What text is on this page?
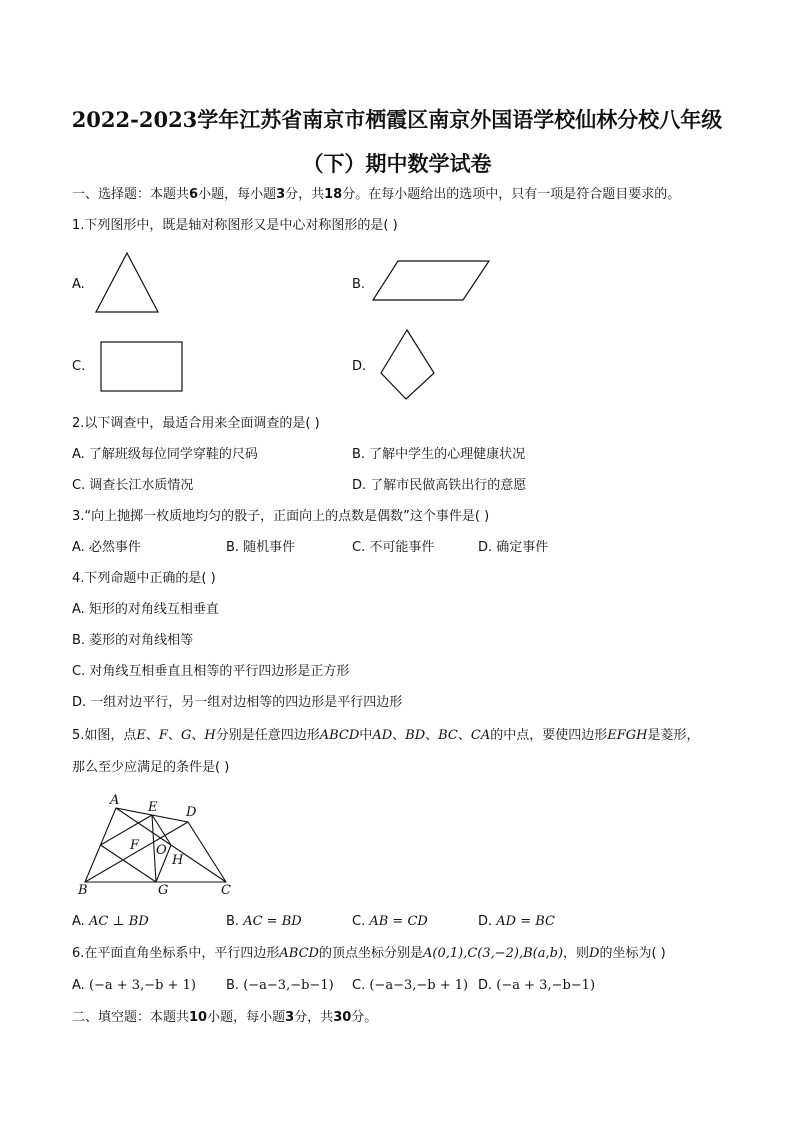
2022-2023学年江苏省南京市栖霞区南京外国语学校仙林分校八年级
（下）期中数学试卷
一、选择题：本题共6小题，每小题3分，共18分。在每小题给出的选项中，只有一项是符合题目要求的。
1.下列图形中，既是轴对称图形又是中心对称图形的是( )
A.	B.
C.	D.
2.以下调查中，最适合用来全面调查的是( )
A. 了解班级每位同学穿鞋的尺码	B. 了解中学生的心理健康状况
C. 调查长江水质情况	D. 了解市民做高铁出行的意愿
3.“向上抛掷一枚质地均匀的骰子，正面向上的点数是偶数”这个事件是( )
A. 必然事件	B. 随机事件	C. 不可能事件	D. 确定事件
4.下列命题中正确的是( )
A. 矩形的对角线互相垂直
B. 菱形的对角线相等
C. 对角线互相垂直且相等的平行四边形是正方形
D. 一组对边平行，另一组对边相等的四边形是平行四边形
5.如图，点E、F、G、H分别是任意四边形ABCD中AD、BD、BC、CA的中点，要使四边形EFGH是菱形，
那么至少应满足的条件是( )
A E D
F O
H
B	G	C
A. AC ⊥ BD	B. AC = BD	C. AB = CD	D. AD = BC
6.在平面直角坐标系中，平行四边形ABCD的顶点坐标分别是A(0,1),C(3,−2),B(a,b)，则D的坐标为( )
A. (−a + 3,−b + 1) B. (−a−3,−b−1) C. (−a−3,−b + 1) D. (−a + 3,−b−1)
二、填空题：本题共10小题，每小题3分，共30分。
